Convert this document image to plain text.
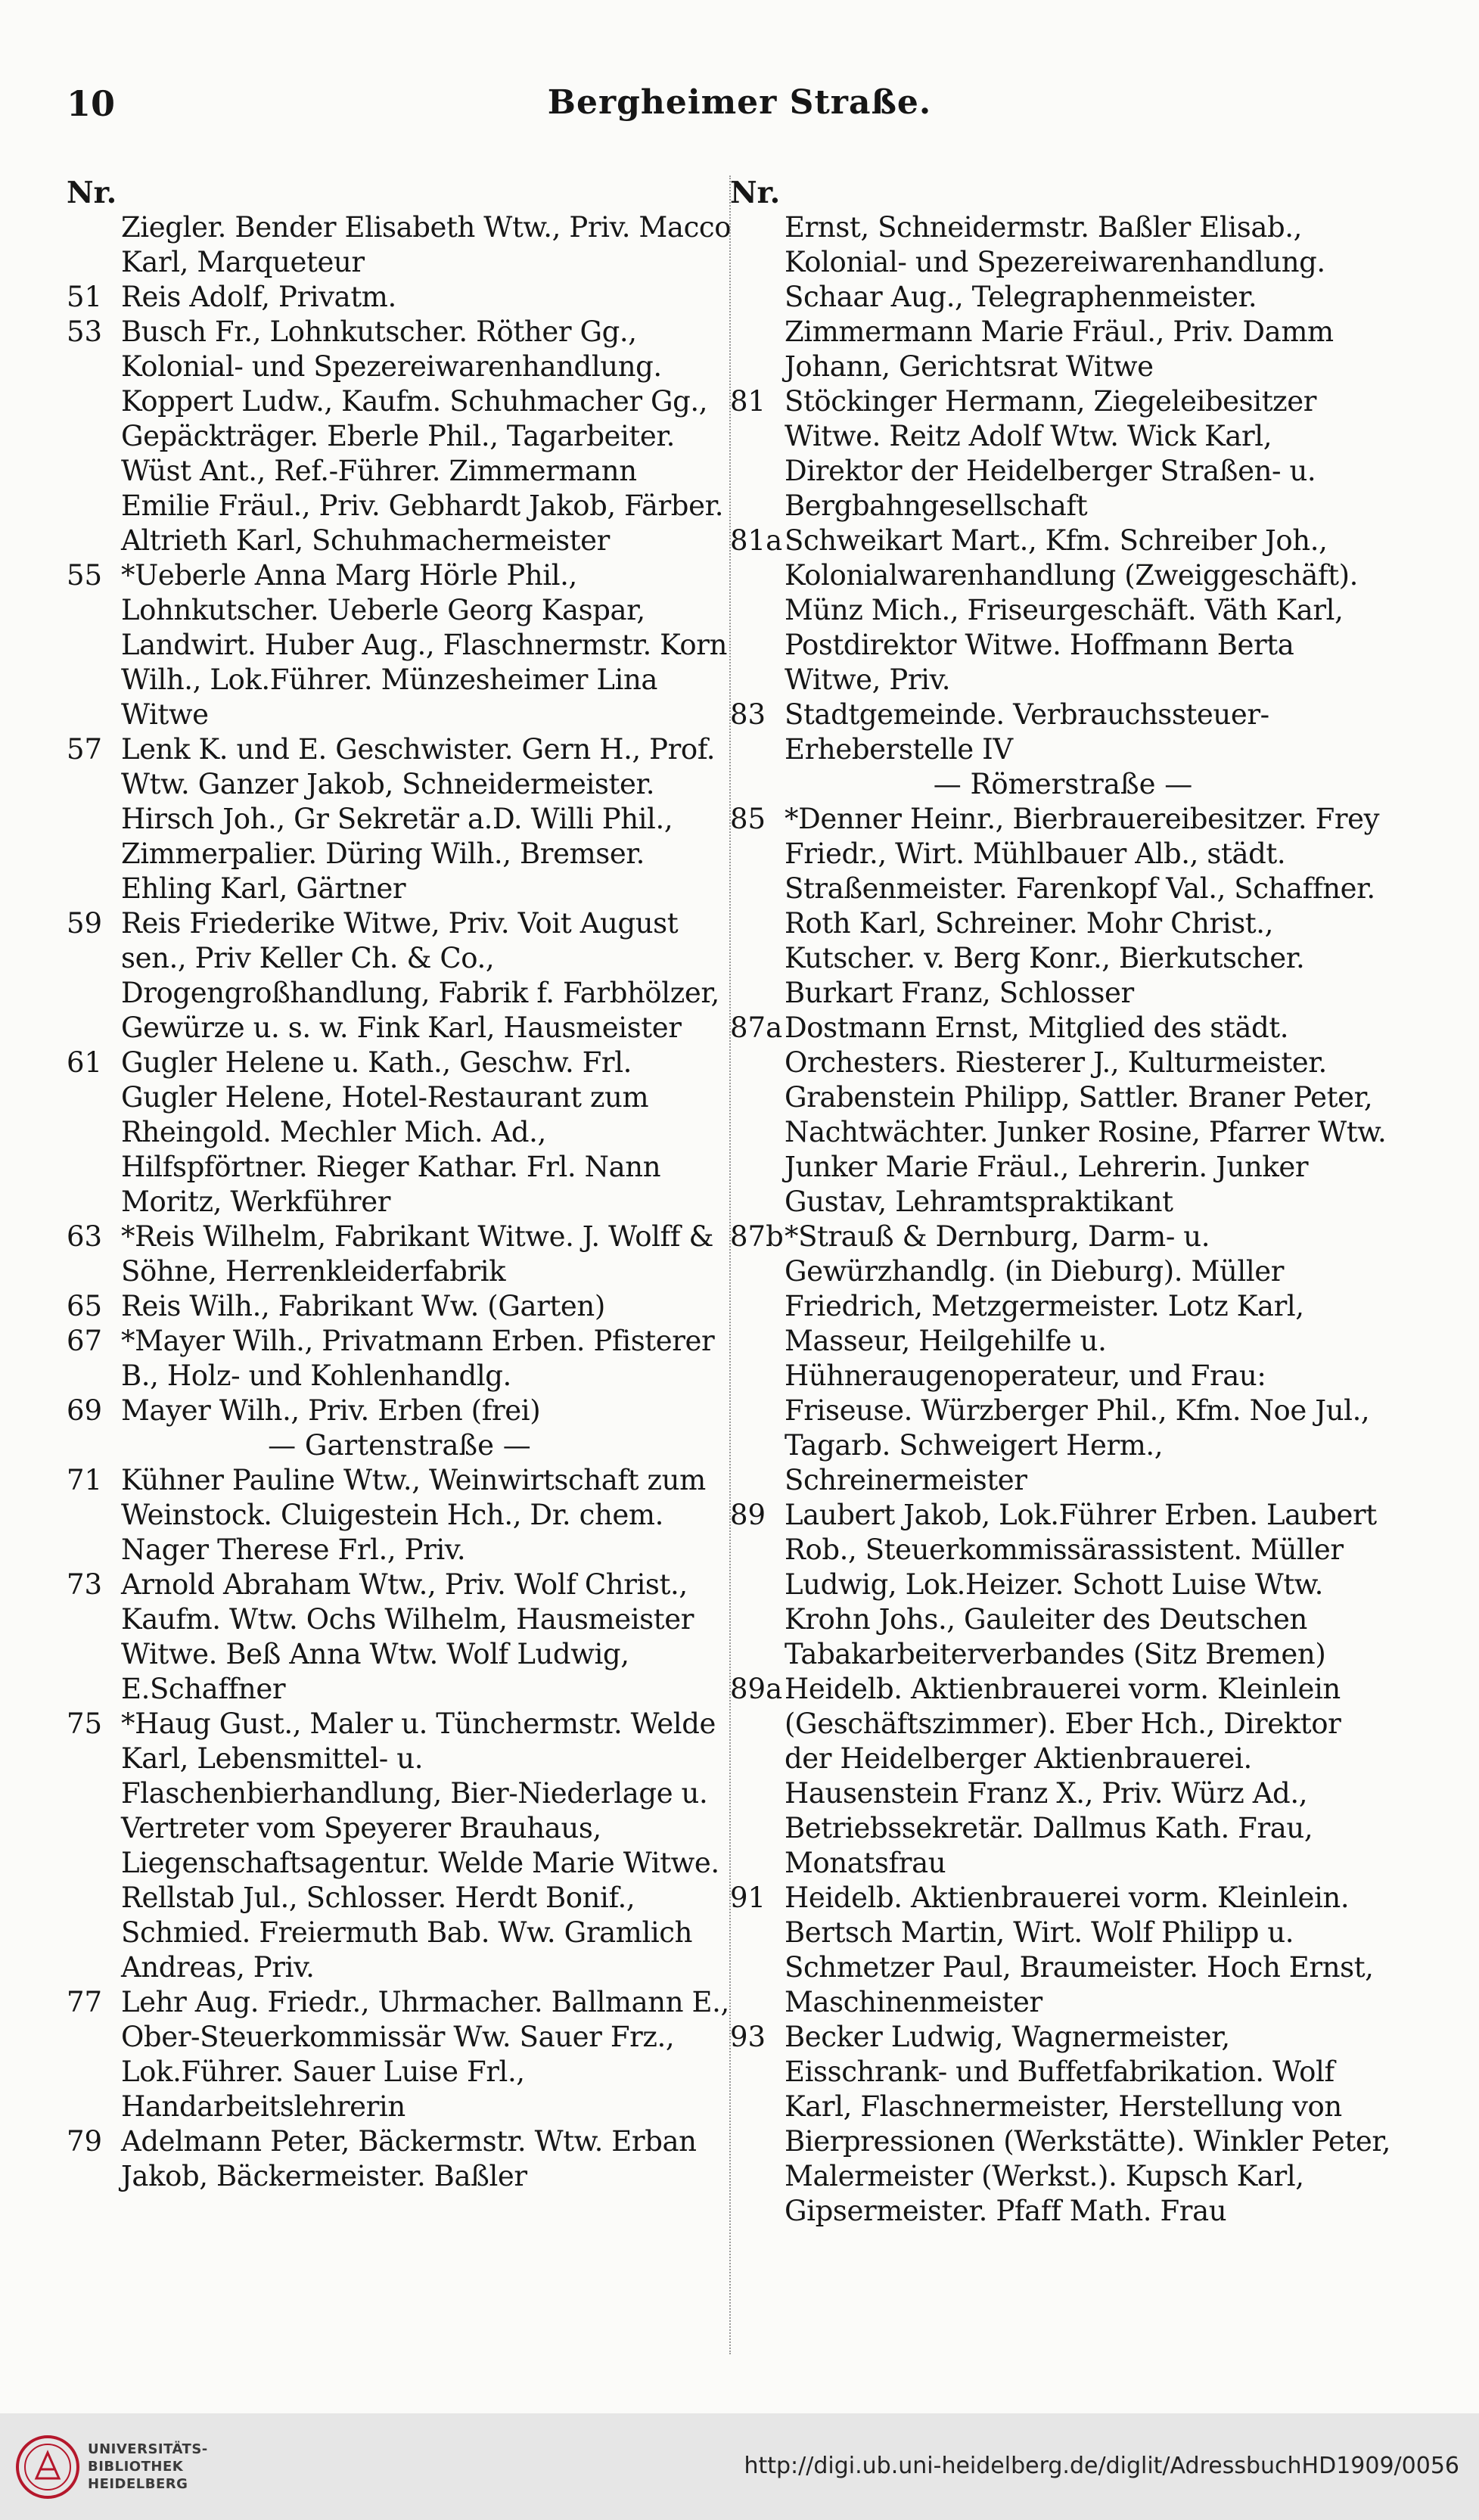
10	Bergheimer Straße.
Nr.
Ziegler. Bender Elisabeth Wtw., Priv. Macco Karl, Marqueteur
51 Reis Adolf, Privatm.
53 Busch Fr., Lohnkutscher. Röther Gg., Kolonial- und Spezereiwarenhandlung. Koppert Ludw., Kaufm. Schuhmacher Gg., Gepäckträger. Eberle Phil., Tagarbeiter. Wüst Ant., Ref.-Führer. Zimmermann Emilie Fräul., Priv. Gebhardt Jakob, Färber. Altrieth Karl, Schuhmachermeister
55 *Ueberle Anna Marg Hörle Phil., Lohnkutscher. Ueberle Georg Kaspar, Landwirt. Huber Aug., Flaschnermstr. Korn Wilh., Lok.Führer. Münzesheimer Lina Witwe
57 Lenk K. und E. Geschwister. Gern H., Prof. Wtw. Ganzer Jakob, Schneidermeister. Hirsch Joh., Gr Sekretär a.D. Willi Phil., Zimmerpalier. Düring Wilh., Bremser. Ehling Karl, Gärtner
59 Reis Friederike Witwe, Priv. Voit August sen., Priv Keller Ch. & Co., Drogengroßhandlung, Fabrik f. Farbhölzer, Gewürze u. s. w. Fink Karl, Hausmeister
61 Gugler Helene u. Kath., Geschw. Frl. Gugler Helene, Hotel-Restaurant zum Rheingold. Mechler Mich. Ad., Hilfspförtner. Rieger Kathar. Frl. Nann Moritz, Werkführer
63 *Reis Wilhelm, Fabrikant Witwe. J. Wolff & Söhne, Herrenkleiderfabrik
65 Reis Wilh., Fabrikant Ww. (Garten)
67 *Mayer Wilh., Privatmann Erben. Pfisterer B., Holz- und Kohlenhandlg.
69 Mayer Wilh., Priv. Erben (frei)
— Gartenstraße —
71 Kühner Pauline Wtw., Weinwirtschaft zum Weinstock. Cluigestein Hch., Dr. chem. Nager Therese Frl., Priv.
73 Arnold Abraham Wtw., Priv. Wolf Christ., Kaufm. Wtw. Ochs Wilhelm, Hausmeister Witwe. Beß Anna Wtw. Wolf Ludwig, E.Schaffner
75 *Haug Gust., Maler u. Tünchermstr. Welde Karl, Lebensmittel- u. Flaschenbierhandlung, Bier-Niederlage u. Vertreter vom Speyerer Brauhaus, Liegenschaftsagentur. Welde Marie Witwe. Rellstab Jul., Schlosser. Herdt Bonif., Schmied. Freiermuth Bab. Ww. Gramlich Andreas, Priv.
77 Lehr Aug. Friedr., Uhrmacher. Ballmann E., Ober-Steuerkommissär Ww. Sauer Frz., Lok.Führer. Sauer Luise Frl., Handarbeitslehrerin
79 Adelmann Peter, Bäckermstr. Wtw. Erban Jakob, Bäckermeister. Baßler
Nr.
Ernst, Schneidermstr. Baßler Elisab., Kolonial- und Spezereiwarenhandlung. Schaar Aug., Telegraphenmeister. Zimmermann Marie Fräul., Priv. Damm Johann, Gerichtsrat Witwe
81 Stöckinger Hermann, Ziegeleibesitzer Witwe. Reitz Adolf Wtw. Wick Karl, Direktor der Heidelberger Straßen- u. Bergbahngesellschaft
81a Schweikart Mart., Kfm. Schreiber Joh., Kolonialwarenhandlung (Zweiggeschäft). Münz Mich., Friseurgeschäft. Väth Karl, Postdirektor Witwe. Hoffmann Berta Witwe, Priv.
83 Stadtgemeinde. Verbrauchssteuer-Erheberstelle IV
— Römerstraße —
85 *Denner Heinr., Bierbrauereibesitzer. Frey Friedr., Wirt. Mühlbauer Alb., städt. Straßenmeister. Farenkopf Val., Schaffner. Roth Karl, Schreiner. Mohr Christ., Kutscher. v. Berg Konr., Bierkutscher. Burkart Franz, Schlosser
87a Dostmann Ernst, Mitglied des städt. Orchesters. Riesterer J., Kulturmeister. Grabenstein Philipp, Sattler. Braner Peter, Nachtwächter. Junker Rosine, Pfarrer Wtw. Junker Marie Fräul., Lehrerin. Junker Gustav, Lehramtspraktikant
87b *Strauß & Dernburg, Darm- u. Gewürzhandlg. (in Dieburg). Müller Friedrich, Metzgermeister. Lotz Karl, Masseur, Heilgehilfe u. Hühneraugenoperateur, und Frau: Friseuse. Würzberger Phil., Kfm. Noe Jul., Tagarb. Schweigert Herm., Schreinermeister
89 Laubert Jakob, Lok.Führer Erben. Laubert Rob., Steuerkommissärassistent. Müller Ludwig, Lok.Heizer. Schott Luise Wtw. Krohn Johs., Gauleiter des Deutschen Tabakarbeiterverbandes (Sitz Bremen)
89a Heidelb. Aktienbrauerei vorm. Kleinlein (Geschäftszimmer). Eber Hch., Direktor der Heidelberger Aktienbrauerei. Hausenstein Franz X., Priv. Würz Ad., Betriebssekretär. Dallmus Kath. Frau, Monatsfrau
91 Heidelb. Aktienbrauerei vorm. Kleinlein. Bertsch Martin, Wirt. Wolf Philipp u. Schmetzer Paul, Braumeister. Hoch Ernst, Maschinenmeister
93 Becker Ludwig, Wagnermeister, Eisschrank- und Buffetfabrikation. Wolf Karl, Flaschnermeister, Herstellung von Bierpressionen (Werkstätte). Winkler Peter, Malermeister (Werkst.). Kupsch Karl, Gipsermeister. Pfaff Math. Frau
UNIVERSITÄTS-
BIBLIOTHEK
HEIDELBERG
http://digi.ub.uni-heidelberg.de/diglit/AdressbuchHD1909/0056
